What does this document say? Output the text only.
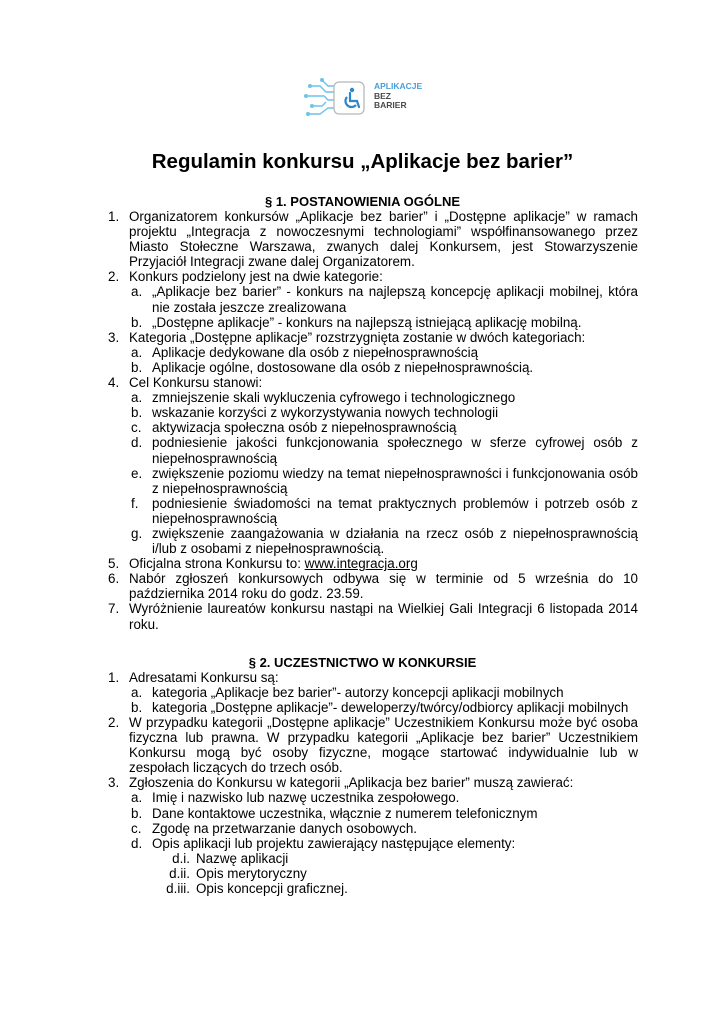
APLIKACJE
BEZ
BARIER
Regulamin konkursu „Aplikacje bez barier”
§ 1. POSTANOWIENIA OGÓLNE
1. Organizatorem konkursów „Aplikacje bez barier” i „Dostępne aplikacje” w ramach projektu „Integracja z nowoczesnymi technologiami” współfinansowanego przez Miasto Stołeczne Warszawa, zwanych dalej Konkursem, jest Stowarzyszenie Przyjaciół Integracji zwane dalej Organizatorem.
2. Konkurs podzielony jest na dwie kategorie:
a. „Aplikacje bez barier” - konkurs na najlepszą koncepcję aplikacji mobilnej, która nie została jeszcze zrealizowana
b. „Dostępne aplikacje” - konkurs na najlepszą istniejącą aplikację mobilną.
3. Kategoria „Dostępne aplikacje” rozstrzygnięta zostanie w dwóch kategoriach:
a. Aplikacje dedykowane dla osób z niepełnosprawnością
b. Aplikacje ogólne, dostosowane dla osób z niepełnosprawnością.
4. Cel Konkursu stanowi:
a. zmniejszenie skali wykluczenia cyfrowego i technologicznego
b. wskazanie korzyści z wykorzystywania nowych technologii
c. aktywizacja społeczna osób z niepełnosprawnością
d. podniesienie jakości funkcjonowania społecznego w sferze cyfrowej osób z niepełnosprawnością
e. zwiększenie poziomu wiedzy na temat niepełnosprawności i funkcjonowania osób z niepełnosprawnością
f. podniesienie świadomości na temat praktycznych problemów i potrzeb osób z niepełnosprawnością
g. zwiększenie zaangażowania w działania na rzecz osób z niepełnosprawnością i/lub z osobami z niepełnosprawnością.
5. Oficjalna strona Konkursu to: www.integracja.org
6. Nabór zgłoszeń konkursowych odbywa się w terminie od 5 września do 10 października 2014 roku do godz. 23.59.
7. Wyróżnienie laureatów konkursu nastąpi na Wielkiej Gali Integracji 6 listopada 2014 roku.
§ 2. UCZESTNICTWO W KONKURSIE
1. Adresatami Konkursu są:
a. kategoria „Aplikacje bez barier”- autorzy koncepcji aplikacji mobilnych
b. kategoria „Dostępne aplikacje”- deweloperzy/twórcy/odbiorcy aplikacji mobilnych
2. W przypadku kategorii „Dostępne aplikacje” Uczestnikiem Konkursu może być osoba fizyczna lub prawna. W przypadku kategorii „Aplikacje bez barier” Uczestnikiem Konkursu mogą być osoby fizyczne, mogące startować indywidualnie lub w zespołach liczących do trzech osób.
3. Zgłoszenia do Konkursu w kategorii „Aplikacja bez barier” muszą zawierać:
a. Imię i nazwisko lub nazwę uczestnika zespołowego.
b. Dane kontaktowe uczestnika, włącznie z numerem telefonicznym
c. Zgodę na przetwarzanie danych osobowych.
d. Opis aplikacji lub projektu zawierający następujące elementy:
d.i. Nazwę aplikacji
d.ii. Opis merytoryczny
d.iii. Opis koncepcji graficznej.
